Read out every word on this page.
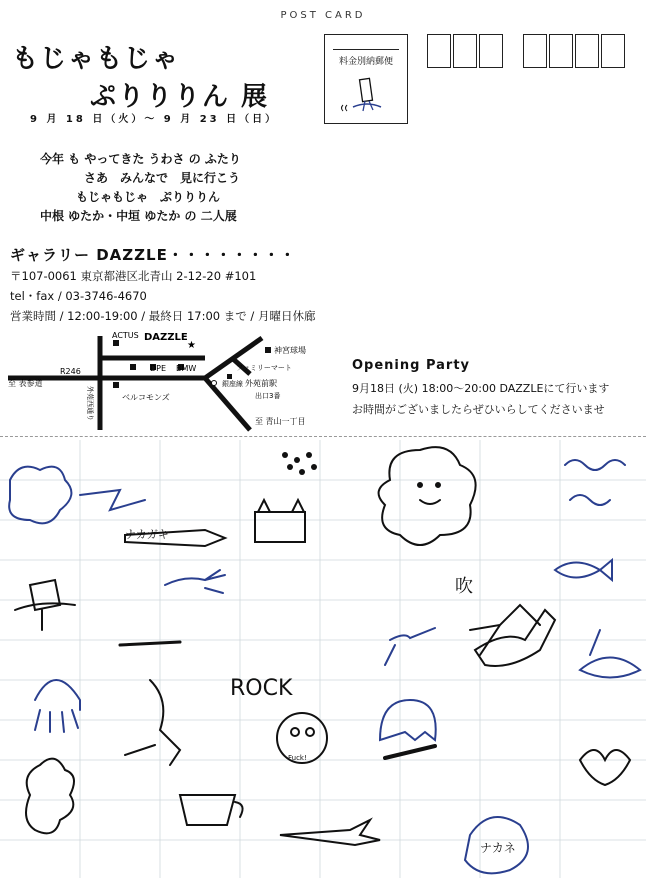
POST CARD
もじゃもじゃ
ぷりりりん 展
9 月 18 日（火）〜 9 月 23 日（日）
今年 も やってきた うわさ の ふたり
さあ　みんなで　見に行こう
もじゃもじゃ　ぷりりりん
中根 ゆたか・中垣 ゆたか の 二人展
ギャラリー DAZZLE・・・・・・・・
〒107-0061 東京都港区北青山 2-12-20 #101
tel・fax / 03-3746-4670
営業時間 / 12:00-19:00 / 最終日 17:00 まで / 月曜日休廊
料金別納郵便
★
ACTUS DAZZLE
DPE BMW
神宮球場
ファミリーマート
銀座線 外苑前駅
出口3番
R246
至 表参道
至 青山一丁目
ベルコモンズ
外苑西通り
Opening Party
9月18日 (火) 18:00〜20:00 DAZZLEにて行います
お時間がございましたらぜひいらしてくださいませ
ナカガキ
吹
ROCK
Fuck!
ナカネ
